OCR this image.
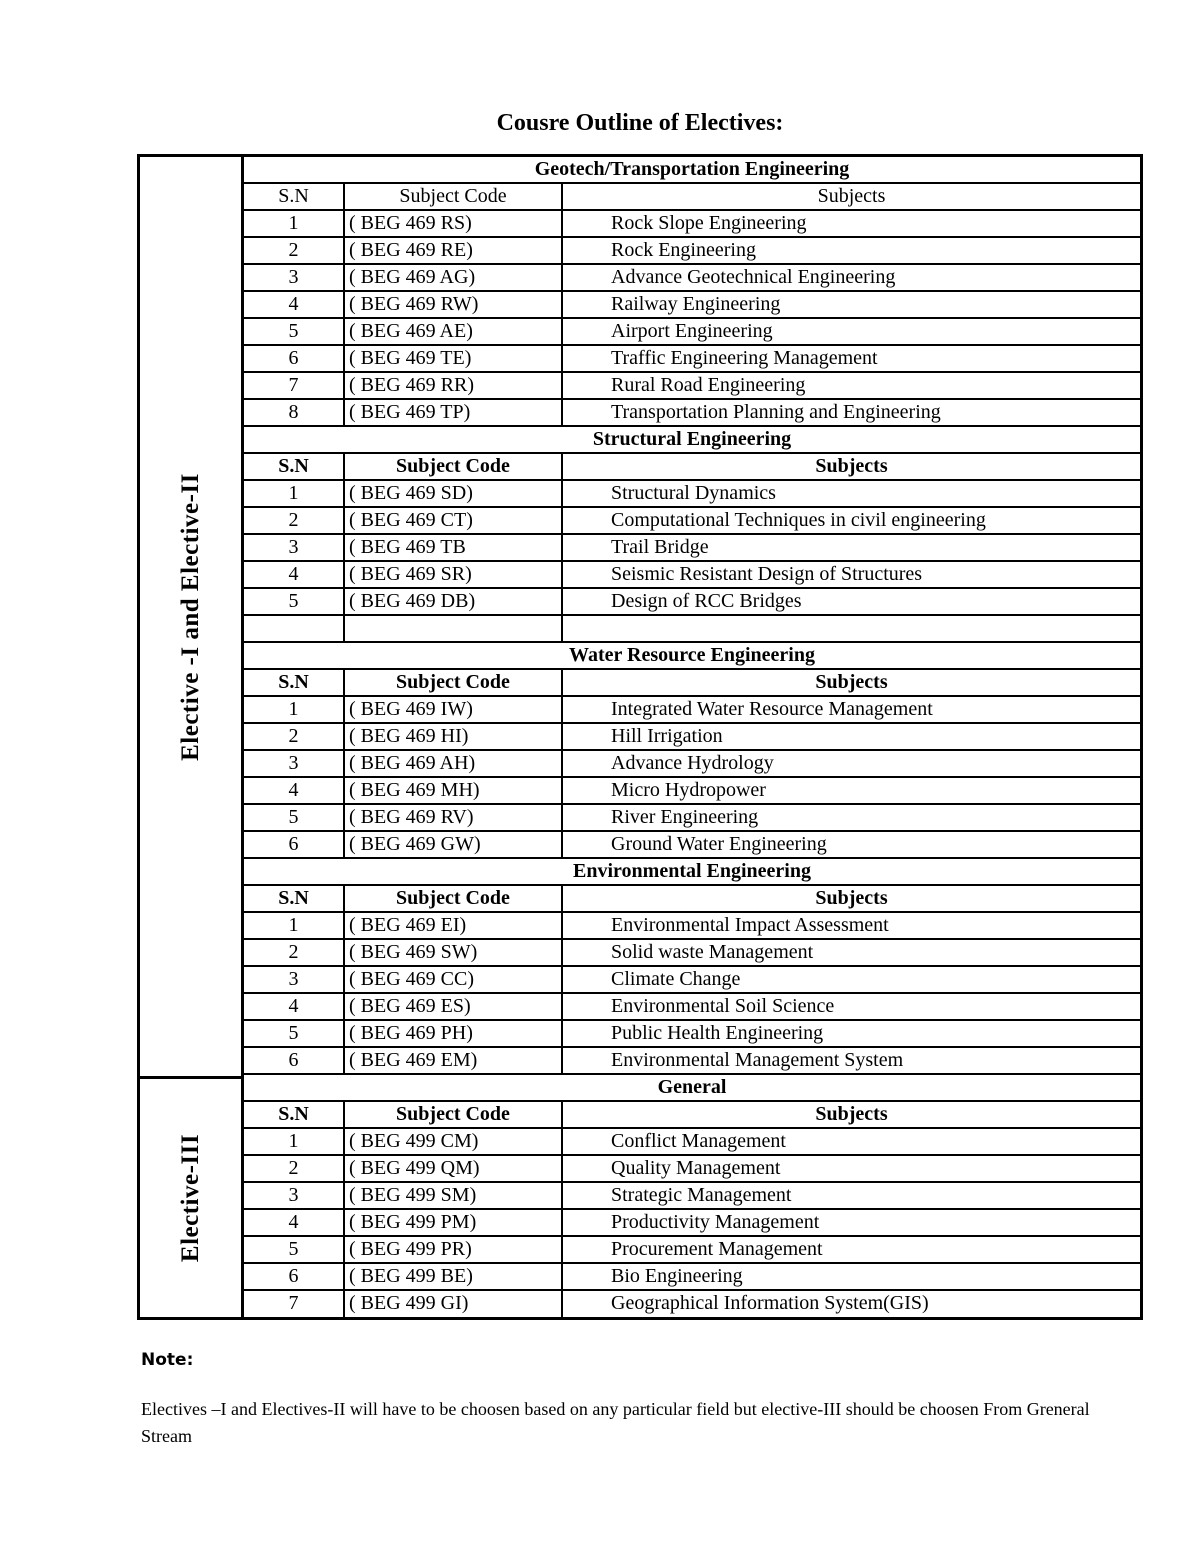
Cousre Outline of Electives:
Elective -I and Elective-II
Elective-III
Geotech/Transportation Engineering
S.N	Subject Code	Subjects
1	( BEG 469 RS)	Rock Slope Engineering
2	( BEG 469 RE)	Rock Engineering
3	( BEG 469 AG)	Advance Geotechnical Engineering
4	( BEG 469 RW)	Railway Engineering
5	( BEG 469 AE)	Airport Engineering
6	( BEG 469 TE)	Traffic Engineering Management
7	( BEG 469 RR)	Rural Road Engineering
8	( BEG 469 TP)	Transportation Planning and Engineering
Structural Engineering
S.N	Subject Code	Subjects
1	( BEG 469 SD)	Structural Dynamics
2	( BEG 469 CT)	Computational Techniques in civil engineering
3	( BEG 469 TB	Trail Bridge
4	( BEG 469 SR)	Seismic Resistant Design of Structures
5	( BEG 469 DB)	Design of RCC Bridges
Water Resource Engineering
S.N	Subject Code	Subjects
1	( BEG 469 IW)	Integrated Water Resource Management
2	( BEG 469 HI)	Hill Irrigation
3	( BEG 469 AH)	Advance Hydrology
4	( BEG 469 MH)	Micro Hydropower
5	( BEG 469 RV)	River Engineering
6	( BEG 469 GW)	Ground Water Engineering
Environmental Engineering
S.N	Subject Code	Subjects
1	( BEG 469 EI)	Environmental Impact Assessment
2	( BEG 469 SW)	Solid waste Management
3	( BEG 469 CC)	Climate Change
4	( BEG 469 ES)	Environmental Soil Science
5	( BEG 469 PH)	Public Health Engineering
6	( BEG 469 EM)	Environmental Management System
General
S.N	Subject Code	Subjects
1	( BEG 499 CM)	Conflict Management
2	( BEG 499 QM)	Quality Management
3	( BEG 499 SM)	Strategic Management
4	( BEG 499 PM)	Productivity Management
5	( BEG 499 PR)	Procurement Management
6	( BEG 499 BE)	Bio Engineering
7	( BEG 499 GI)	Geographical Information System(GIS)
Note:
Electives –I and Electives-II will have to be choosen based on any particular field but elective-III should be choosen From Greneral Stream
